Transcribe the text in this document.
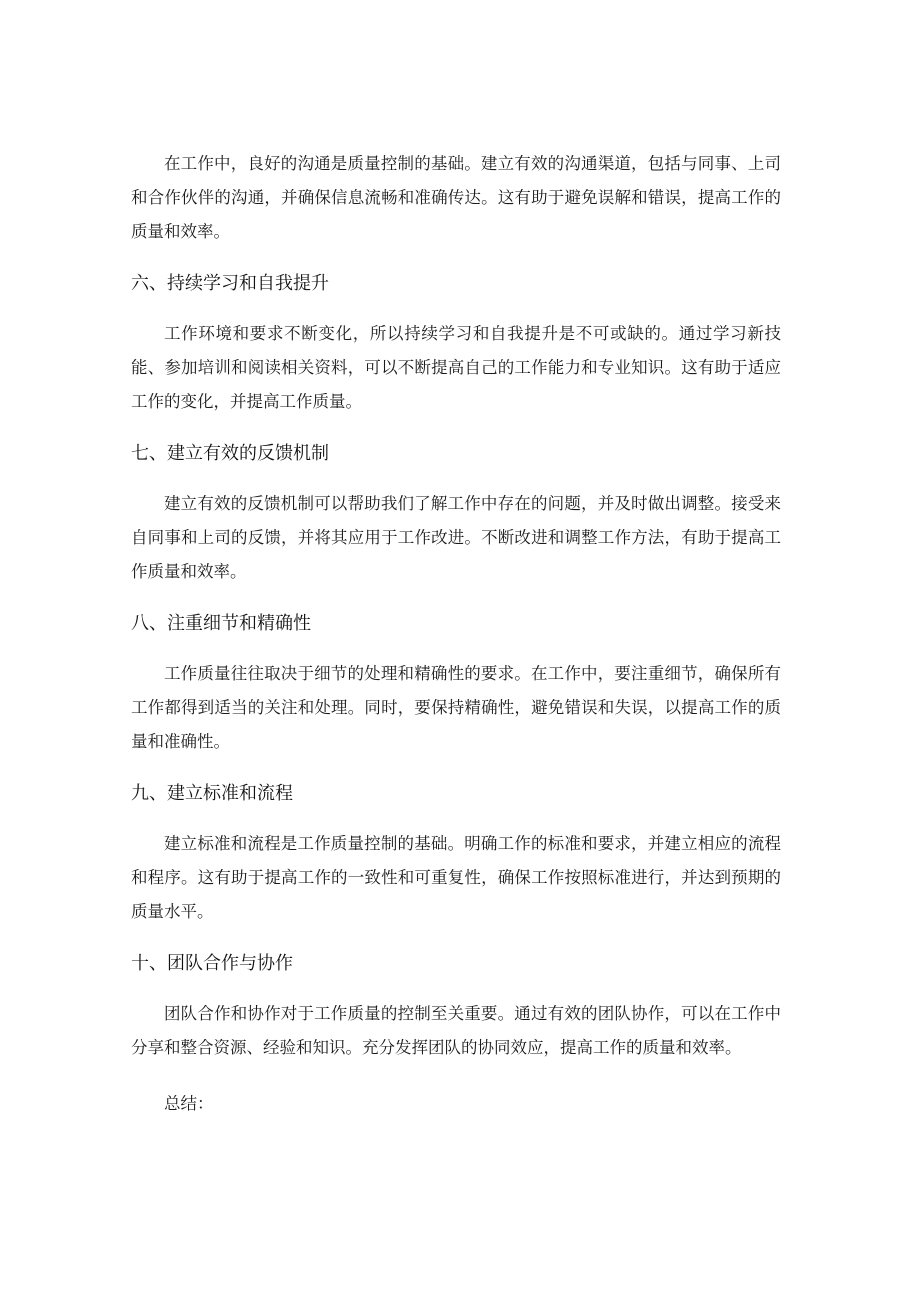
在工作中，良好的沟通是质量控制的基础。建立有效的沟通渠道，包括与同事、上司和合作伙伴的沟通，并确保信息流畅和准确传达。这有助于避免误解和错误，提高工作的质量和效率。

六、持续学习和自我提升

工作环境和要求不断变化，所以持续学习和自我提升是不可或缺的。通过学习新技能、参加培训和阅读相关资料，可以不断提高自己的工作能力和专业知识。这有助于适应工作的变化，并提高工作质量。

七、建立有效的反馈机制

建立有效的反馈机制可以帮助我们了解工作中存在的问题，并及时做出调整。接受来自同事和上司的反馈，并将其应用于工作改进。不断改进和调整工作方法，有助于提高工作质量和效率。

八、注重细节和精确性

工作质量往往取决于细节的处理和精确性的要求。在工作中，要注重细节，确保所有工作都得到适当的关注和处理。同时，要保持精确性，避免错误和失误，以提高工作的质量和准确性。

九、建立标准和流程

建立标准和流程是工作质量控制的基础。明确工作的标准和要求，并建立相应的流程和程序。这有助于提高工作的一致性和可重复性，确保工作按照标准进行，并达到预期的质量水平。

十、团队合作与协作

团队合作和协作对于工作质量的控制至关重要。通过有效的团队协作，可以在工作中分享和整合资源、经验和知识。充分发挥团队的协同效应，提高工作的质量和效率。

总结：
